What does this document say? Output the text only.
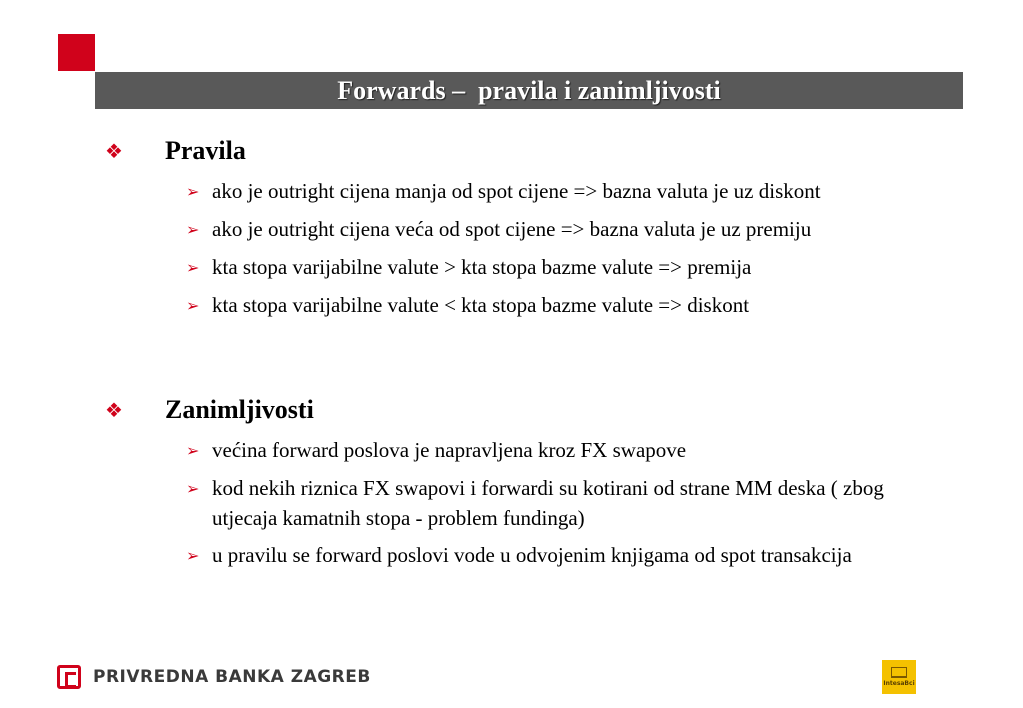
Forwards –  pravila i zanimljivosti
❖	Pravila
➢ ako je outright cijena manja od spot cijene => bazna valuta je uz diskont
➢ ako je outright cijena veća od spot cijene => bazna valuta je uz premiju
➢ kta stopa varijabilne valute > kta stopa bazme valute => premija
➢ kta stopa varijabilne valute < kta stopa bazme valute => diskont
❖	Zanimljivosti
➢ većina forward poslova je napravljena kroz FX swapove
➢ kod nekih riznica FX swapovi i forwardi su kotirani od strane MM deska ( zbog utjecaja kamatnih stopa - problem fundinga)
➢ u pravilu se forward poslovi vode u odvojenim knjigama od spot transakcija
PRIVREDNA BANKA ZAGREB	IntesaBci
